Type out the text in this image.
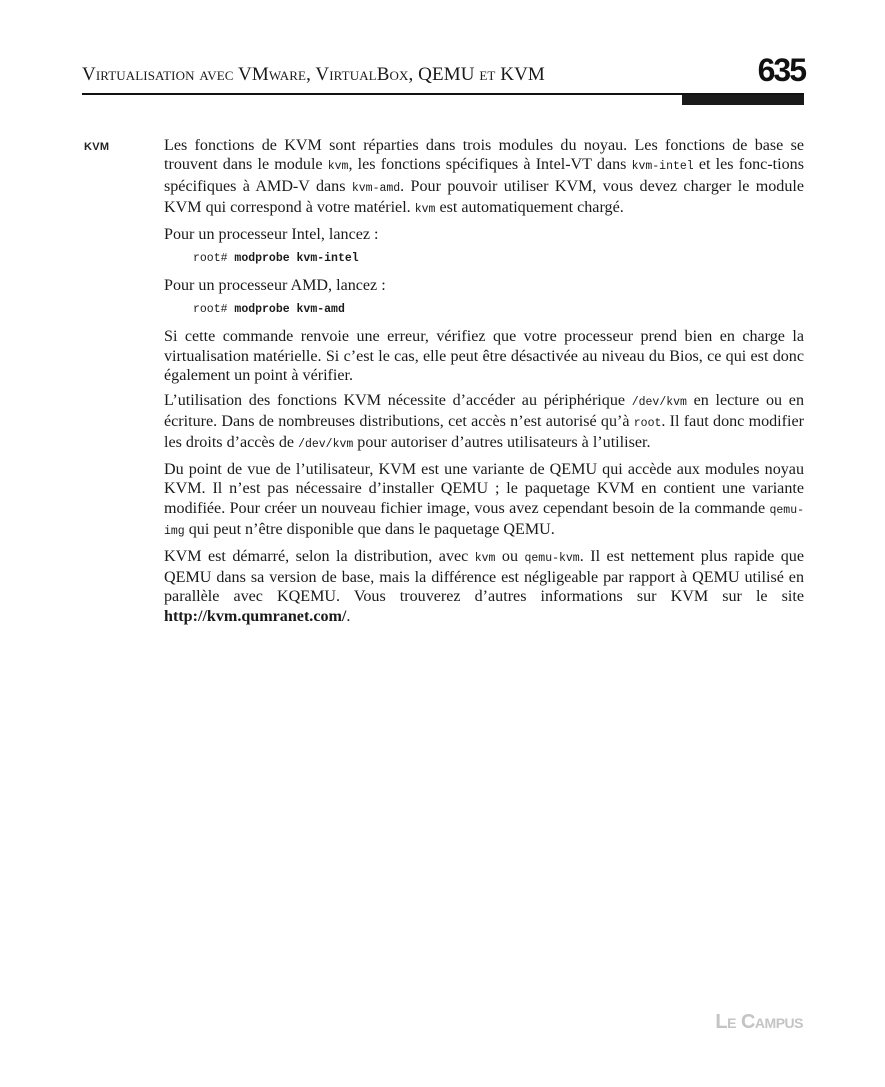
Virtualisation avec VMware, VirtualBox, QEMU et KVM	635
KVM	Les fonctions de KVM sont réparties dans trois modules du noyau. Les fonctions de base se trouvent dans le module kvm, les fonctions spécifiques à Intel-VT dans kvm-intel et les fonc-tions spécifiques à AMD-V dans kvm-amd. Pour pouvoir utiliser KVM, vous devez charger le module KVM qui correspond à votre matériel. kvm est automatiquement chargé.

Pour un processeur Intel, lancez :

root# modprobe kvm-intel

Pour un processeur AMD, lancez :

root# modprobe kvm-amd

Si cette commande renvoie une erreur, vérifiez que votre processeur prend bien en charge la virtualisation matérielle. Si c’est le cas, elle peut être désactivée au niveau du Bios, ce qui est donc également un point à vérifier.

L’utilisation des fonctions KVM nécessite d’accéder au périphérique /dev/kvm en lecture ou en écriture. Dans de nombreuses distributions, cet accès n’est autorisé qu’à root. Il faut donc modifier les droits d’accès de /dev/kvm pour autoriser d’autres utilisateurs à l’utiliser.

Du point de vue de l’utilisateur, KVM est une variante de QEMU qui accède aux modules noyau KVM. Il n’est pas nécessaire d’installer QEMU ; le paquetage KVM en contient une variante modifiée. Pour créer un nouveau fichier image, vous avez cependant besoin de la commande qemu-img qui peut n’être disponible que dans le paquetage QEMU.

KVM est démarré, selon la distribution, avec kvm ou qemu-kvm. Il est nettement plus rapide que QEMU dans sa version de base, mais la différence est négligeable par rapport à QEMU utilisé en parallèle avec KQEMU. Vous trouverez d’autres informations sur KVM sur le site http://kvm.qumranet.com/.

Le Campus
